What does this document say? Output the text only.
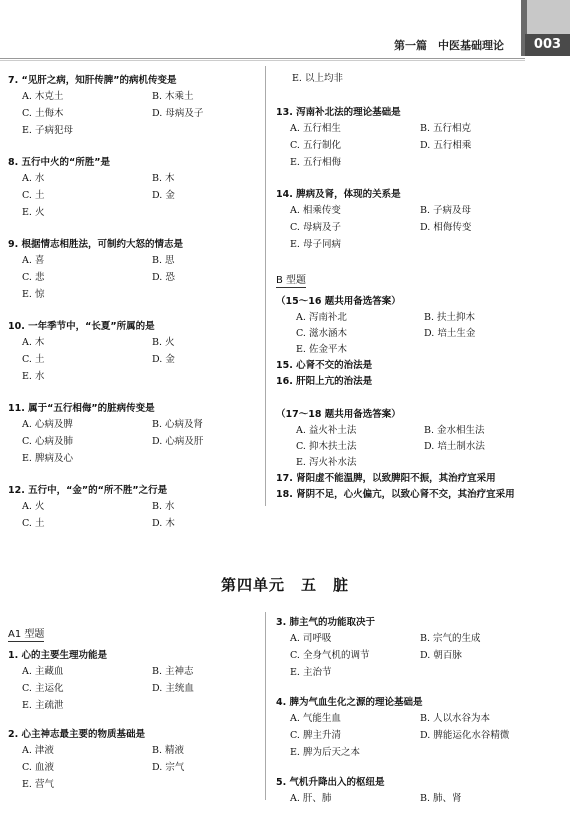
第一篇　中医基础理论	003

7. “见肝之病，知肝传脾”的病机传变是

A. 木克土	B. 木乘土
C. 土侮木	D. 母病及子
E. 子病犯母

8. 五行中火的“所胜”是

A. 水	B. 木
C. 土	D. 金
E. 火

9. 根据情志相胜法，可制约大怒的情志是

A. 喜	B. 思
C. 悲	D. 恐
E. 惊

10. 一年季节中，“长夏”所属的是

A. 木	B. 火
C. 土	D. 金
E. 水

11. 属于“五行相侮”的脏病传变是

A. 心病及脾	B. 心病及肾
C. 心病及肺	D. 心病及肝
E. 脾病及心

12. 五行中，“金”的“所不胜”之行是

A. 火	B. 水
C. 土	D. 木
E. 以上均非

13. 泻南补北法的理论基础是

A. 五行相生	B. 五行相克
C. 五行制化	D. 五行相乘
E. 五行相侮

14. 脾病及肾，体现的关系是

A. 相乘传变	B. 子病及母
C. 母病及子	D. 相侮传变
E. 母子同病
B 型题

（15～16 题共用备选答案）

A. 泻南补北	B. 扶土抑木
C. 滋水涵木	D. 培土生金
E. 佐金平木

15. 心肾不交的治法是

16. 肝阳上亢的治法是

（17～18 题共用备选答案）

A. 益火补土法	B. 金水相生法
C. 抑木扶土法	D. 培土制水法
E. 泻火补水法

17. 肾阳虚不能温脾，以致脾阳不振，其治疗宜采用

18. 肾阴不足，心火偏亢，以致心肾不交，其治疗宜采用

第四单元　五　脏
A1 型题

1. 心的主要生理功能是

A. 主藏血	B. 主神志
C. 主运化	D. 主统血
E. 主疏泄

2. 心主神志最主要的物质基础是

A. 津液	B. 精液
C. 血液	D. 宗气
E. 营气

3. 肺主气的功能取决于

A. 司呼吸	B. 宗气的生成
C. 全身气机的调节	D. 朝百脉
E. 主治节

4. 脾为气血生化之源的理论基础是

A. 气能生血	B. 人以水谷为本
C. 脾主升清	D. 脾能运化水谷精微
E. 脾为后天之本

5. 气机升降出入的枢纽是

A. 肝、肺	B. 肺、肾
